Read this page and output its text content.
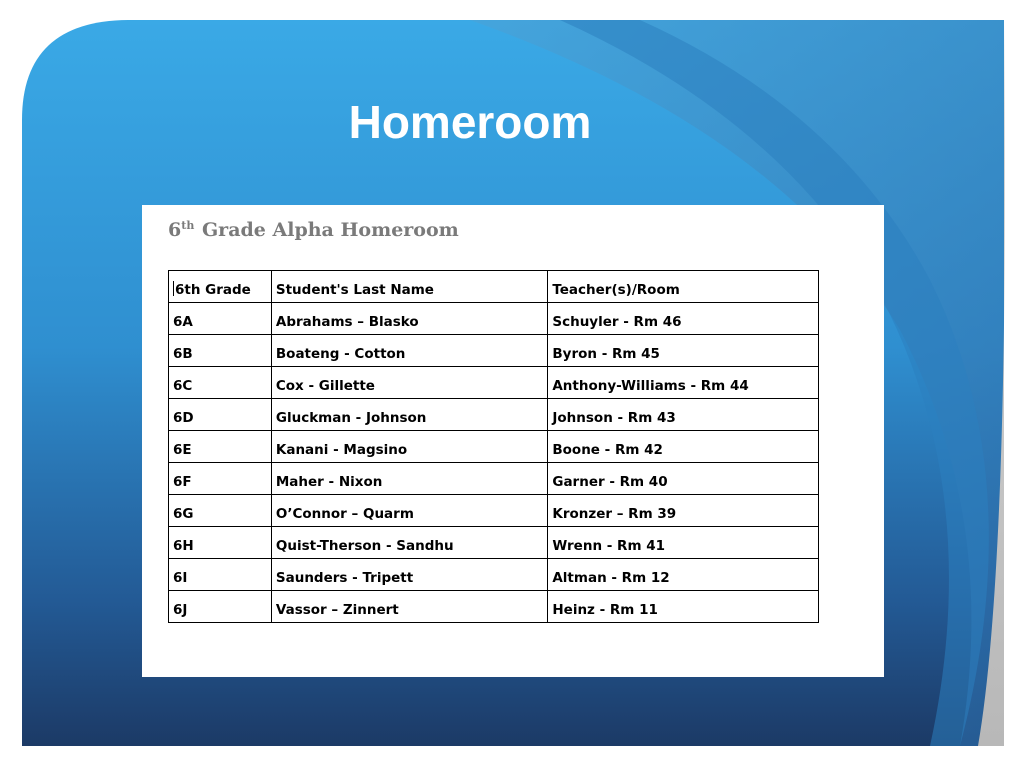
Homeroom
6th Grade Alpha Homeroom
6th Grade	Student's Last Name	Teacher(s)/Room
6A	Abrahams – Blasko	Schuyler - Rm 46
6B	Boateng - Cotton	Byron - Rm 45
6C	Cox - Gillette	Anthony-Williams - Rm 44
6D	Gluckman - Johnson	Johnson - Rm 43
6E	Kanani - Magsino	Boone - Rm 42
6F	Maher - Nixon	Garner - Rm 40
6G	O’Connor – Quarm	Kronzer – Rm 39
6H	Quist-Therson - Sandhu	Wrenn - Rm 41
6I	Saunders - Tripett	Altman - Rm 12
6J	Vassor – Zinnert	Heinz - Rm 11
